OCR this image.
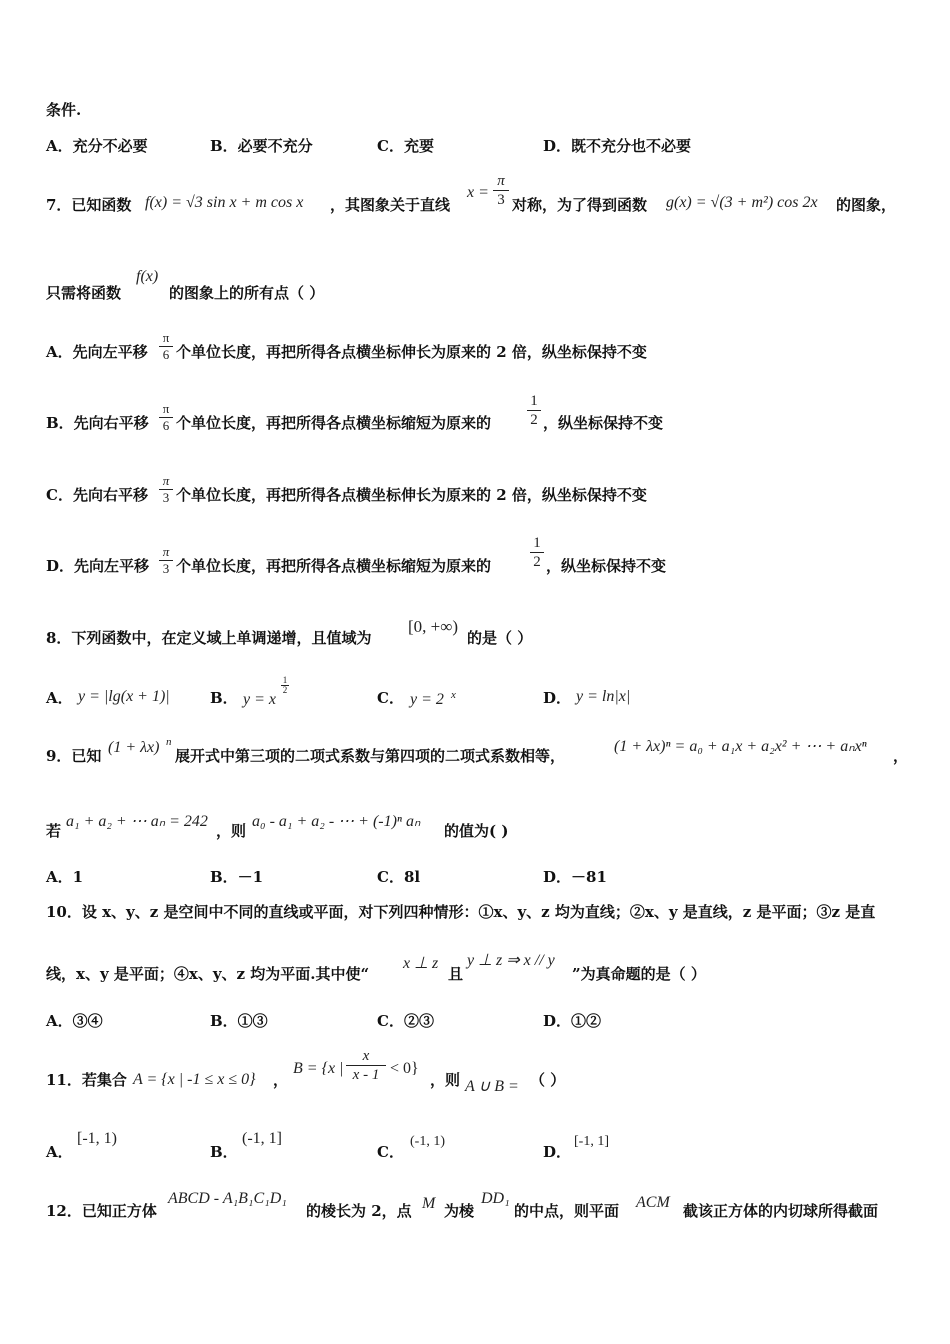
条件.
A．充分不必要	B．必要不充分	C．充要	D．既不充分也不必要
7．已知函数 f(x) = √3 sin x + m cos x ，其图象关于直线
x =
π
3 对称，为了得到函数 g(x) = √(3 + m²) cos 2x 的图象，
只需将函数
f(x)
的图象上的所有点（ ）
A．先向左平移
π
6 个单位长度，再把所得各点横坐标伸长为原来的 2 倍，纵坐标保持不变
B．先向右平移
π
6 个单位长度，再把所得各点横坐标缩短为原来的
1
2 ，纵坐标保持不变
C．先向右平移
π
3 个单位长度，再把所得各点横坐标伸长为原来的 2 倍，纵坐标保持不变
D．先向左平移
π
3 个单位长度，再把所得各点横坐标缩短为原来的
1
2 ，纵坐标保持不变
8．下列函数中，在定义域上单调递增，且值域为
[0, +∞)
的是（ ）
A． y = |lg(x + 1)|	B． y = x
1
2	C． y = 2 x	D． y = ln|x|
9．已知 (1 + λx) n
展开式中第三项的二项式系数与第四项的二项式系数相等，
(1 + λx)ⁿ = a₀ + a₁x + a₂x² + ⋯ + aₙxⁿ
，
若
a₁ + a₂ + ⋯ aₙ = 242
，则
a₀ - a₁ + a₂ - ⋯ + (-1)ⁿ aₙ
的值为( )
A．1	B．－1	C．8l	D．－81
10．设 x、y、z 是空间中不同的直线或平面，对下列四种情形：①x、y、z 均为直线；②x、y 是直线，z 是平面；③z 是直
线，x、y 是平面；④x、y、z 均为平面.其中使“
x ⊥ z
且
y ⊥ z ⇒ x // y
”为真命题的是（ ）
A．③④	B．①③	C．②③	D．①②
11．若集合 A = {x | -1 ≤ x ≤ 0} ，
B = {x |
x
x - 1 < 0}
，则 A ∪ B = （ ）
A．
[-1, 1)
B．
(-1, 1]
C．
(-1, 1)
D．
[-1, 1]
12．已知正方体
ABCD - A₁B₁C₁D₁
的棱长为 2，点 M 为棱
DD₁
的中点，则平面 ACM 截该正方体的内切球所得截面
